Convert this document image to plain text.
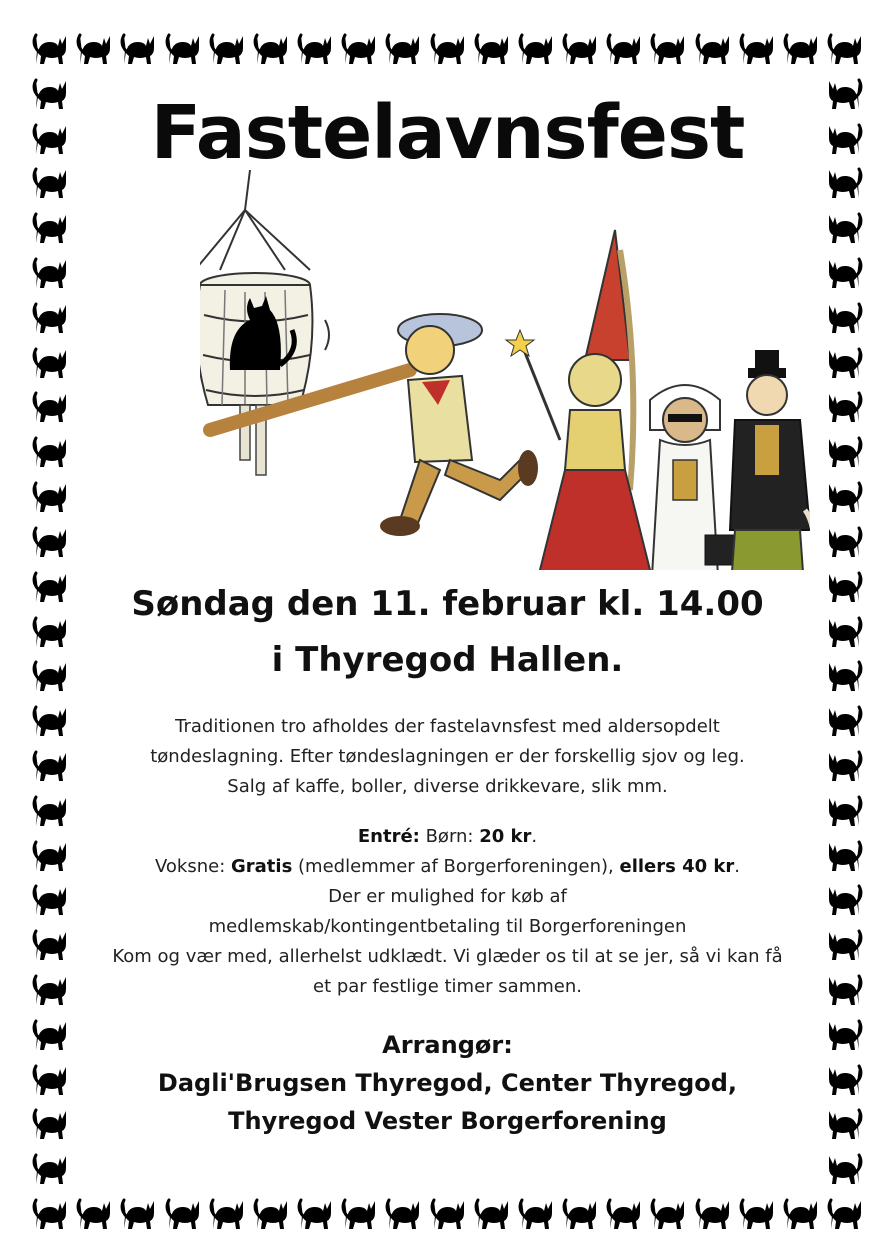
Fastelavnsfest
Søndag den 11. februar kl. 14.00
i Thyregod Hallen.
Traditionen tro afholdes der fastelavnsfest med aldersopdelt
tøndeslagning. Efter tøndeslagningen er der forskellig sjov og leg.
Salg af kaffe, boller, diverse drikkevare, slik mm.
Entré: Børn: 20 kr.
Voksne: Gratis (medlemmer af Borgerforeningen), ellers 40 kr.
Der er mulighed for køb af
medlemskab/kontingentbetaling til Borgerforeningen
Kom og vær med, allerhelst udklædt. Vi glæder os til at se jer, så vi kan få
et par festlige timer sammen.
Arrangør:
Dagli'Brugsen Thyregod, Center Thyregod,
Thyregod Vester Borgerforening
